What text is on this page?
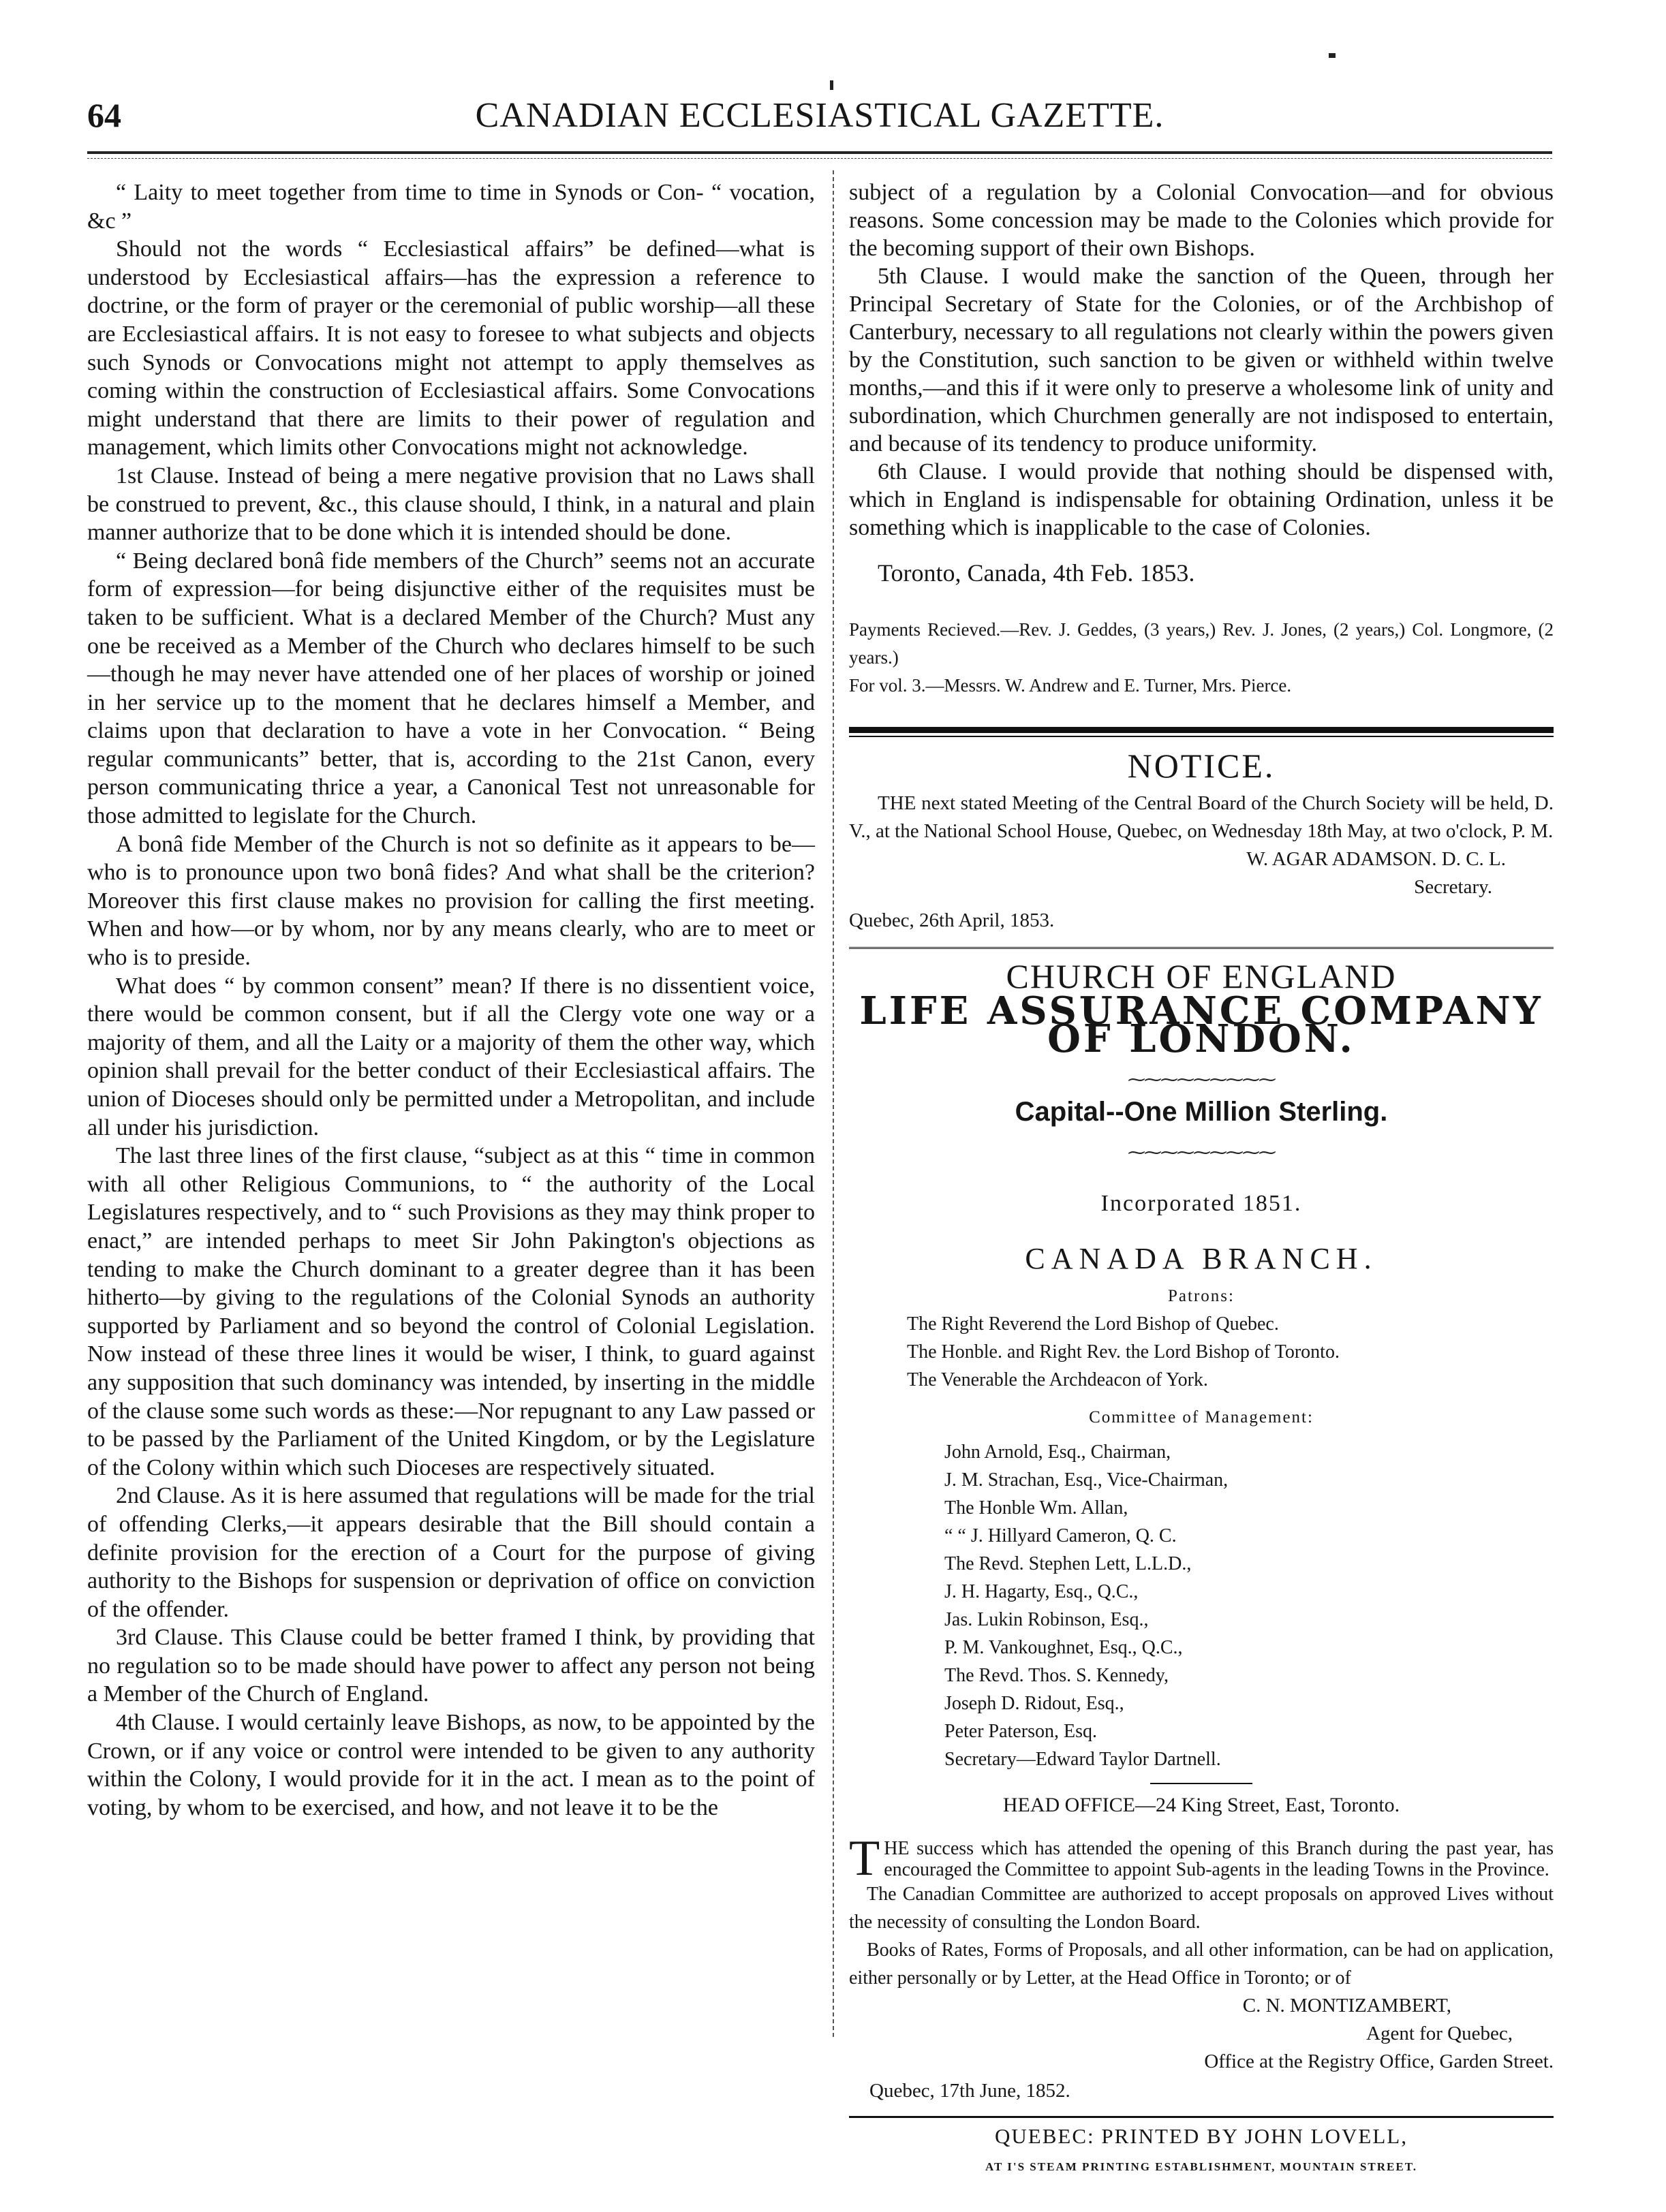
64	CANADIAN ECCLESIASTICAL GAZETTE.

“ Laity to meet together from time to time in Synods or Con- “ vocation, &c ”

Should not the words “ Ecclesiastical affairs” be defined—what is understood by Ecclesiastical affairs—has the expression a reference to doctrine, or the form of prayer or the ceremonial of public worship—all these are Ecclesiastical affairs. It is not easy to foresee to what subjects and objects such Synods or Convocations might not attempt to apply themselves as coming within the construction of Ecclesiastical affairs. Some Convocations might understand that there are limits to their power of regulation and management, which limits other Convocations might not acknowledge.

1st Clause. Instead of being a mere negative provision that no Laws shall be construed to prevent, &c., this clause should, I think, in a natural and plain manner authorize that to be done which it is intended should be done.

“ Being declared bonâ fide members of the Church” seems not an accurate form of expression—for being disjunctive either of the requisites must be taken to be sufficient. What is a declared Member of the Church? Must any one be received as a Member of the Church who declares himself to be such—though he may never have attended one of her places of worship or joined in her service up to the moment that he declares himself a Member, and claims upon that declaration to have a vote in her Convocation. “ Being regular communicants” better, that is, according to the 21st Canon, every person communicating thrice a year, a Canonical Test not unreasonable for those admitted to legislate for the Church.

A bonâ fide Member of the Church is not so definite as it appears to be—who is to pronounce upon two bonâ fides? And what shall be the criterion? Moreover this first clause makes no provision for calling the first meeting. When and how—or by whom, nor by any means clearly, who are to meet or who is to preside.

What does “ by common consent” mean? If there is no dissentient voice, there would be common consent, but if all the Clergy vote one way or a majority of them, and all the Laity or a majority of them the other way, which opinion shall prevail for the better conduct of their Ecclesiastical affairs. The union of Dioceses should only be permitted under a Metropolitan, and include all under his jurisdiction.

The last three lines of the first clause, “subject as at this “ time in common with all other Religious Communions, to “ the authority of the Local Legislatures respectively, and to “ such Provisions as they may think proper to enact,” are intended perhaps to meet Sir John Pakington's objections as tending to make the Church dominant to a greater degree than it has been hitherto—by giving to the regulations of the Colonial Synods an authority supported by Parliament and so beyond the control of Colonial Legislation. Now instead of these three lines it would be wiser, I think, to guard against any supposition that such dominancy was intended, by inserting in the middle of the clause some such words as these:—Nor repugnant to any Law passed or to be passed by the Parliament of the United Kingdom, or by the Legislature of the Colony within which such Dioceses are respectively situated.

2nd Clause. As it is here assumed that regulations will be made for the trial of offending Clerks,—it appears desirable that the Bill should contain a definite provision for the erection of a Court for the purpose of giving authority to the Bishops for suspension or deprivation of office on conviction of the offender.

3rd Clause. This Clause could be better framed I think, by providing that no regulation so to be made should have power to affect any person not being a Member of the Church of England.

4th Clause. I would certainly leave Bishops, as now, to be appointed by the Crown, or if any voice or control were intended to be given to any authority within the Colony, I would provide for it in the act. I mean as to the point of voting, by whom to be exercised, and how, and not leave it to be the

subject of a regulation by a Colonial Convocation—and for obvious reasons. Some concession may be made to the Colonies which provide for the becoming support of their own Bishops.

5th Clause. I would make the sanction of the Queen, through her Principal Secretary of State for the Colonies, or of the Archbishop of Canterbury, necessary to all regulations not clearly within the powers given by the Constitution, such sanction to be given or withheld within twelve months,—and this if it were only to preserve a wholesome link of unity and subordination, which Churchmen generally are not indisposed to entertain, and because of its tendency to produce uniformity.

6th Clause. I would provide that nothing should be dispensed with, which in England is indispensable for obtaining Ordination, unless it be something which is inapplicable to the case of Colonies.

Toronto, Canada, 4th Feb. 1853.

Payments Recieved.—Rev. J. Geddes, (3 years,) Rev. J. Jones, (2 years,) Col. Longmore, (2 years.)

For vol. 3.—Messrs. W. Andrew and E. Turner, Mrs. Pierce.

NOTICE.

THE next stated Meeting of the Central Board of the Church Society will be held, D. V., at the National School House, Quebec, on Wednesday 18th May, at two o'clock, P. M.

W. AGAR ADAMSON. D. C. L.

Secretary.

Quebec, 26th April, 1853.

CHURCH OF ENGLAND

LIFE ASSURANCE COMPANY OF LONDON.

⁓⁓⁓⁓⁓⁓⁓⁓⁓

Capital--One Million Sterling.

⁓⁓⁓⁓⁓⁓⁓⁓⁓

Incorporated 1851.

CANADA BRANCH.

Patrons:

The Right Reverend the Lord Bishop of Quebec.

The Honble. and Right Rev. the Lord Bishop of Toronto.

The Venerable the Archdeacon of York.

Committee of Management:

John Arnold, Esq., Chairman,

J. M. Strachan, Esq., Vice-Chairman,

The Honble Wm. Allan,

“ “ J. Hillyard Cameron, Q. C.

The Revd. Stephen Lett, L.L.D.,

J. H. Hagarty, Esq., Q.C.,

Jas. Lukin Robinson, Esq.,

P. M. Vankoughnet, Esq., Q.C.,

The Revd. Thos. S. Kennedy,

Joseph D. Ridout, Esq.,

Peter Paterson, Esq.

Secretary—Edward Taylor Dartnell.

HEAD OFFICE—24 King Street, East, Toronto.

THE success which has attended the opening of this Branch during the past year, has encouraged the Committee to appoint Sub-agents in the leading Towns in the Province.

The Canadian Committee are authorized to accept proposals on approved Lives without the necessity of consulting the London Board.

Books of Rates, Forms of Proposals, and all other information, can be had on application, either personally or by Letter, at the Head Office in Toronto; or of

C. N. MONTIZAMBERT,

Agent for Quebec,

Office at the Registry Office, Garden Street.

Quebec, 17th June, 1852.

QUEBEC: PRINTED BY JOHN LOVELL,

AT I'S STEAM PRINTING ESTABLISHMENT, MOUNTAIN STREET.
